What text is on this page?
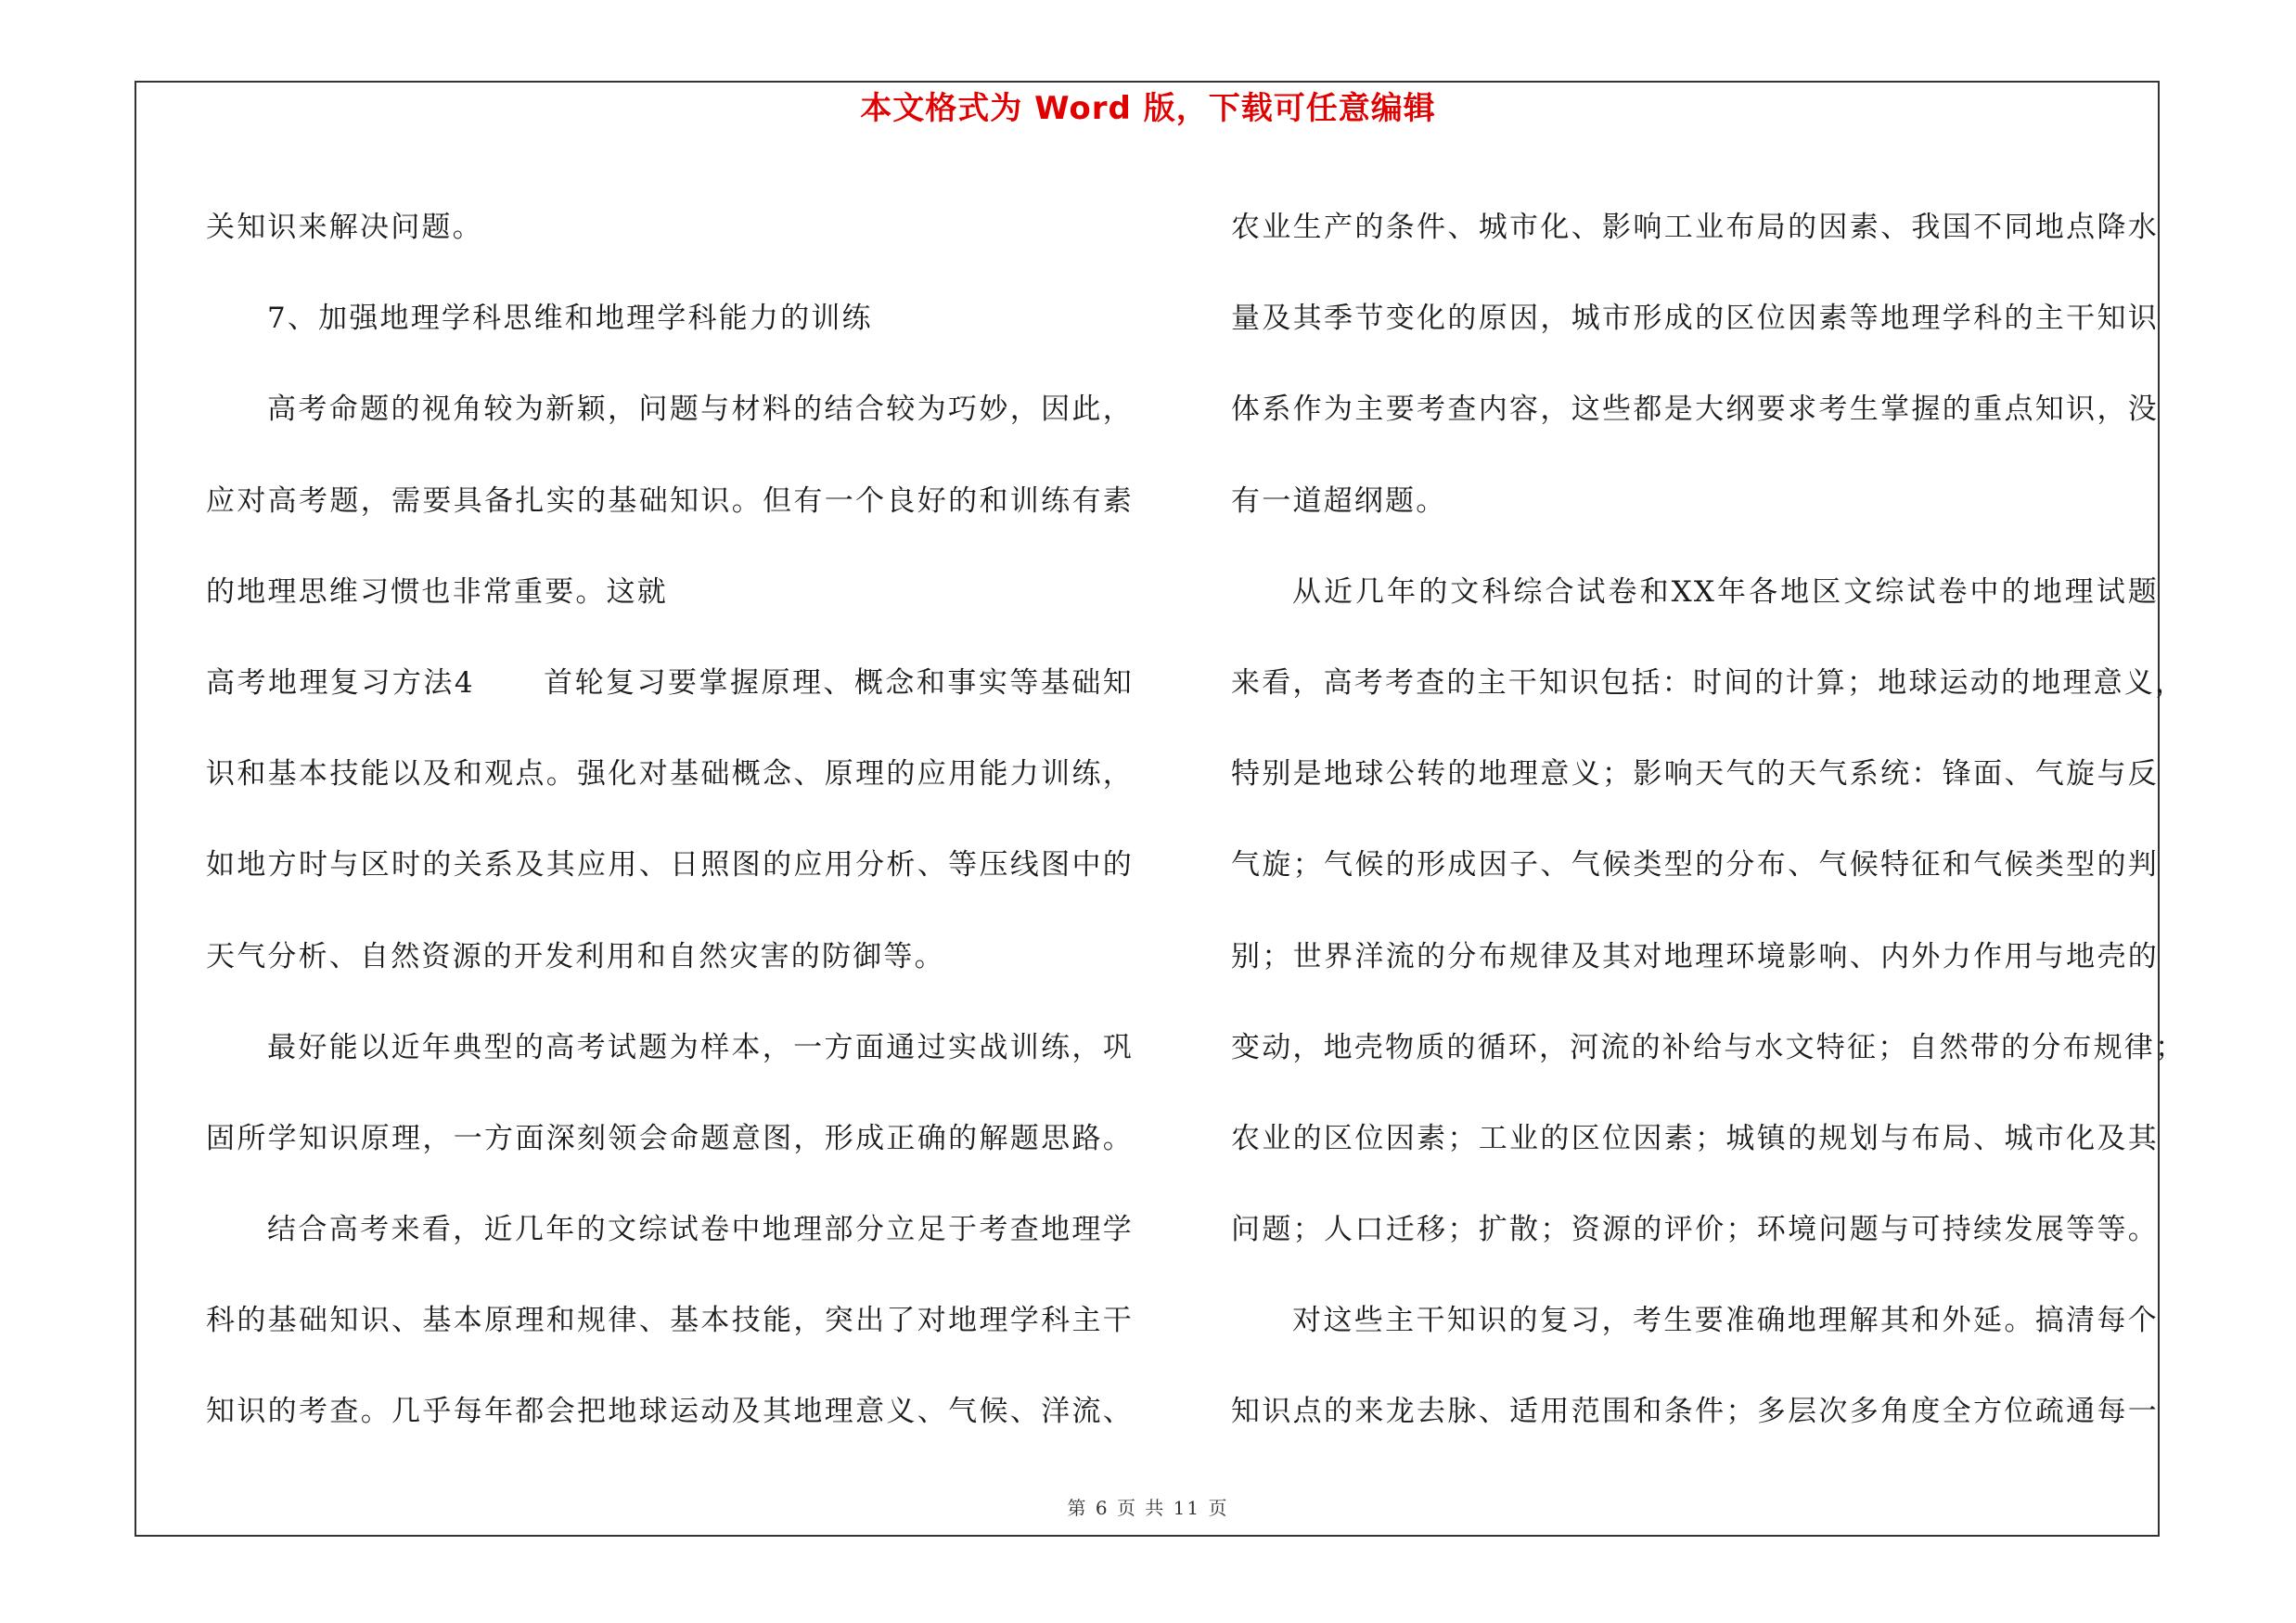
本文格式为 Word 版，下载可任意编辑
关知识来解决问题。
7、加强地理学科思维和地理学科能力的训练
高考命题的视角较为新颖，问题与材料的结合较为巧妙，因此，
应对高考题，需要具备扎实的基础知识。但有一个良好的和训练有素
的地理思维习惯也非常重要。这就
高考地理复习方法4 首轮复习要掌握原理、概念和事实等基础知
识和基本技能以及和观点。强化对基础概念、原理的应用能力训练，
如地方时与区时的关系及其应用、日照图的应用分析、等压线图中的
天气分析、自然资源的开发利用和自然灾害的防御等。
最好能以近年典型的高考试题为样本，一方面通过实战训练，巩
固所学知识原理，一方面深刻领会命题意图，形成正确的解题思路。
结合高考来看，近几年的文综试卷中地理部分立足于考查地理学
科的基础知识、基本原理和规律、基本技能，突出了对地理学科主干
知识的考查。几乎每年都会把地球运动及其地理意义、气候、洋流、
农业生产的条件、城市化、影响工业布局的因素、我国不同地点降水
量及其季节变化的原因，城市形成的区位因素等地理学科的主干知识
体系作为主要考查内容，这些都是大纲要求考生掌握的重点知识，没
有一道超纲题。
从近几年的文科综合试卷和XX年各地区文综试卷中的地理试题
来看，高考考查的主干知识包括：时间的计算；地球运动的地理意义，
特别是地球公转的地理意义；影响天气的天气系统：锋面、气旋与反
气旋；气候的形成因子、气候类型的分布、气候特征和气候类型的判
别；世界洋流的分布规律及其对地理环境影响、内外力作用与地壳的
变动，地壳物质的循环，河流的补给与水文特征；自然带的分布规律；
农业的区位因素；工业的区位因素；城镇的规划与布局、城市化及其
问题；人口迁移；扩散；资源的评价；环境问题与可持续发展等等。
对这些主干知识的复习，考生要准确地理解其和外延。搞清每个
知识点的来龙去脉、适用范围和条件；多层次多角度全方位疏通每一
第 6 页 共 11 页
